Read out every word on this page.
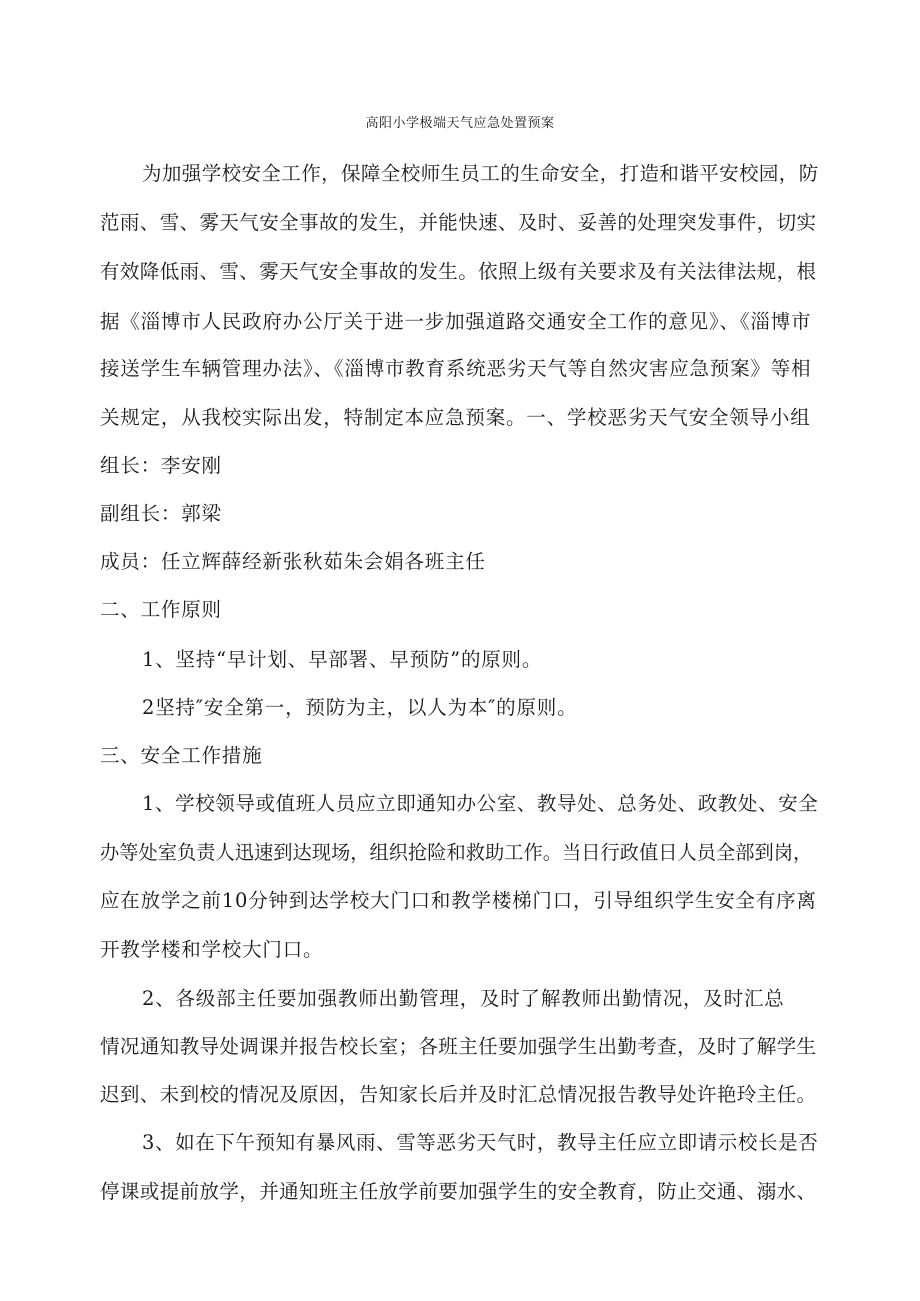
高阳小学极端天气应急处置预案
为加强学校安全工作，保障全校师生员工的生命安全，打造和谐平安校园，防
范雨、雪、雾天气安全事故的发生，并能快速、及时、妥善的处理突发事件，切实
有效降低雨、雪、雾天气安全事故的发生。依照上级有关要求及有关法律法规，根
据《淄博市人民政府办公厅关于进一步加强道路交通安全工作的意见》、《淄博市
接送学生车辆管理办法》、《淄博市教育系统恶劣天气等自然灾害应急预案》等相
关规定，从我校实际出发，特制定本应急预案。一、学校恶劣天气安全领导小组
组长：李安刚
副组长：郭梁
成员：任立辉薛经新张秋茹朱会娟各班主任
二、工作原则
1、坚持“早计划、早部署、早预防”的原则。
2坚持″安全第一，预防为主，以人为本″的原则。
三、安全工作措施
1、学校领导或值班人员应立即通知办公室、教导处、总务处、政教处、安全
办等处室负责人迅速到达现场，组织抢险和救助工作。当日行政值日人员全部到岗，
应在放学之前10分钟到达学校大门口和教学楼梯门口，引导组织学生安全有序离
开教学楼和学校大门口。
2、各级部主任要加强教师出勤管理，及时了解教师出勤情况，及时汇总
情况通知教导处调课并报告校长室；各班主任要加强学生出勤考查，及时了解学生
迟到、未到校的情况及原因，告知家长后并及时汇总情况报告教导处许艳玲主任。
3、如在下午预知有暴风雨、雪等恶劣天气时，教导主任应立即请示校长是否
停课或提前放学，并通知班主任放学前要加强学生的安全教育，防止交通、溺水、
